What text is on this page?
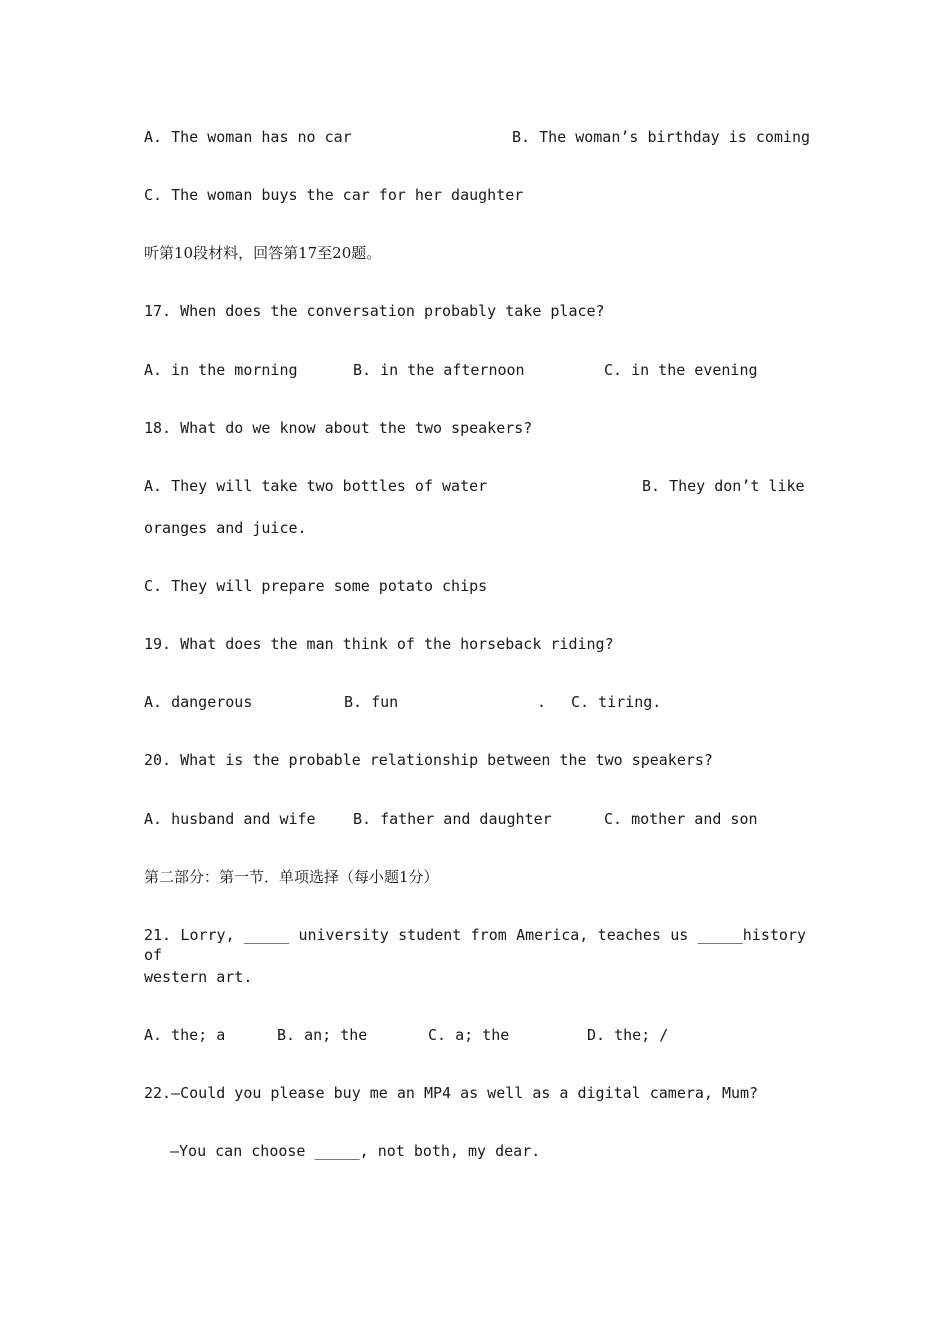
A. The woman has no car	B. The woman’s birthday is coming
C. The woman buys the car for her daughter
听第10段材料，回答第17至20题。
17. When does the conversation probably take place?
A. in the morning	B. in the afternoon	C. in the evening
18. What do we know about the two speakers?
A. They will take two bottles of water	B. They don’t like
oranges and juice.
C. They will prepare some potato chips
19. What does the man think of the horseback riding?
A. dangerous	B. fun	. C. tiring.
20. What is the probable relationship between the two speakers?
A. husband and wife B. father and daughter	C. mother and son
第二部分：第一节．单项选择（每小题1分）
21. Lorry, _____ university student from America, teaches us _____history of
western art.
A. the; a	B. an; the	C. a; the	D. the; /
22.—Could you please buy me an MP4 as well as a digital camera, Mum?
—You can choose _____, not both, my dear.
